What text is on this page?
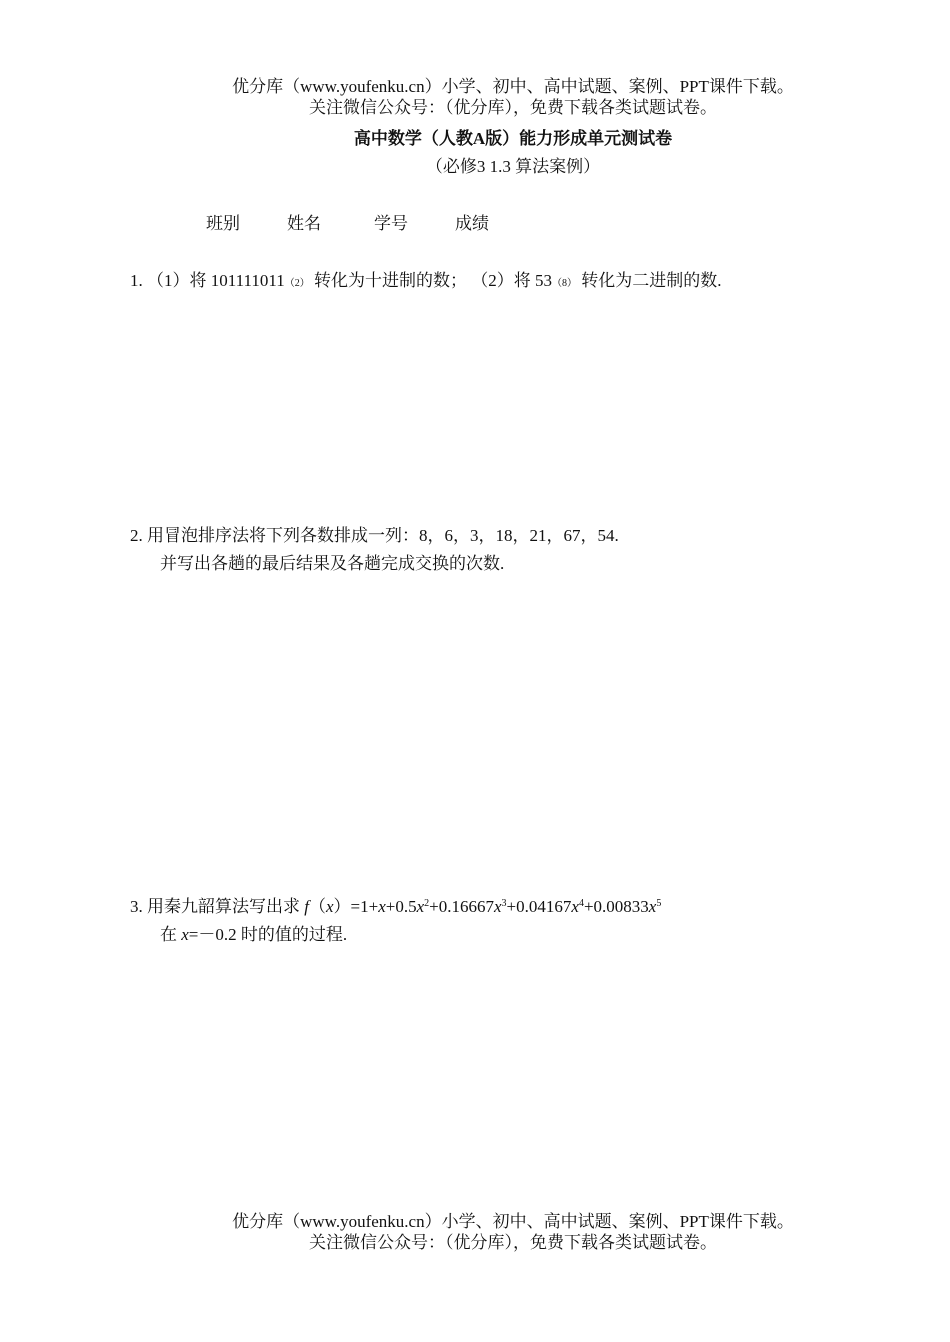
优分库（www.youfenku.cn）小学、初中、高中试题、案例、PPT课件下载。
关注微信公众号：（优分库），免费下载各类试题试卷。
高中数学（人教A版）能力形成单元测试卷
（必修3 1.3 算法案例）
班别	姓名	学号	成绩
1. （1）将 101111011（2） 转化为十进制的数； （2）将 53（8） 转化为二进制的数.
2. 用冒泡排序法将下列各数排成一列：8，6，3，18，21，67，54.
并写出各趟的最后结果及各趟完成交换的次数.
3. 用秦九韶算法写出求 $f(x)=1+x+0.5x^2+0.16667x^3+0.04167x^4+0.00833x^5$
在 x=－0.2 时的值的过程.
优分库（www.youfenku.cn）小学、初中、高中试题、案例、PPT课件下载。
关注微信公众号：（优分库），免费下载各类试题试卷。
